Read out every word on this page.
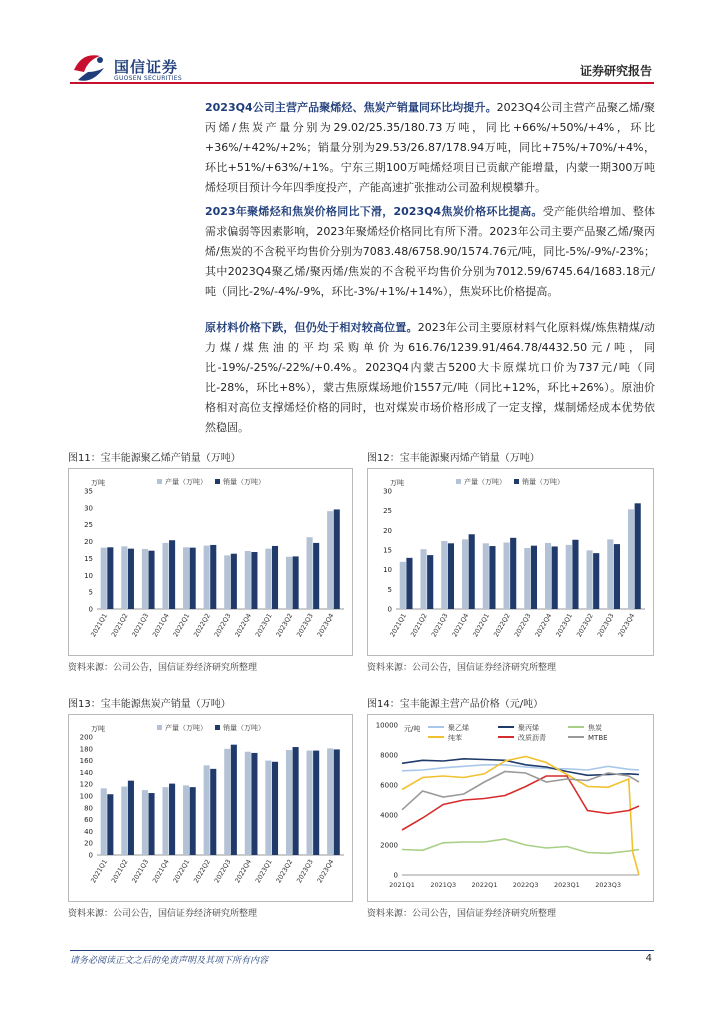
国信证券
GUOSEN SECURITIES
证券研究报告
2023Q4公司主营产品聚烯烃、焦炭产销量同环比均提升。2023Q4公司主营产品聚乙烯/聚丙烯/焦炭产量分别为29.02/25.35/180.73万吨，同比+66%/+50%/+4%，环比+36%/+42%/+2%；销量分别为29.53/26.87/178.94万吨，同比+75%/+70%/+4%，环比+51%/+63%/+1%。宁东三期100万吨烯烃项目已贡献产能增量，内蒙一期300万吨烯烃项目预计今年四季度投产，产能高速扩张推动公司盈利规模攀升。
2023年聚烯烃和焦炭价格同比下滑，2023Q4焦炭价格环比提高。受产能供给增加、整体需求偏弱等因素影响，2023年聚烯烃价格同比有所下滑。2023年公司主要产品聚乙烯/聚丙烯/焦炭的不含税平均售价分别为7083.48/6758.90/1574.76元/吨，同比-5%/-9%/-23%；其中2023Q4聚乙烯/聚丙烯/焦炭的不含税平均售价分别为7012.59/6745.64/1683.18元/吨（同比-2%/-4%/-9%，环比-3%/+1%/+14%），焦炭环比价格提高。
原材料价格下跌，但仍处于相对较高位置。2023年公司主要原材料气化原料煤/炼焦精煤/动力煤/煤焦油的平均采购单价为616.76/1239.91/464.78/4432.50元/吨，同比-19%/-25%/-22%/+0.4%。2023Q4内蒙古5200大卡原煤坑口价为737元/吨（同比-28%，环比+8%），蒙古焦原煤场地价1557元/吨（同比+12%，环比+26%）。原油价格相对高位支撑烯烃价格的同时，也对煤炭市场价格形成了一定支撑，煤制烯烃成本优势依然稳固。
图11：宝丰能源聚乙烯产销量（万吨）
万吨
0
5
10
15
20
25
30
35
产量（万吨） 销量（万吨）
2021Q1 2021Q2 2021Q3 2021Q4 2022Q1 2022Q2 2022Q3 2022Q4 2023Q1 2023Q2 2023Q3 2023Q4
资料来源：公司公告，国信证券经济研究所整理
图12：宝丰能源聚丙烯产销量（万吨）
万吨
0
5
10
15
20
25
30
产量（万吨） 销量（万吨）
2021Q1 2021Q2 2021Q3 2021Q4 2022Q1 2022Q2 2022Q3 2022Q4 2023Q1 2023Q2 2023Q3 2023Q4
资料来源：公司公告，国信证券经济研究所整理
图13：宝丰能源焦炭产销量（万吨）
万吨
0
20
40
60
80
100
120
140
160
180
200
产量（万吨） 销量（万吨）
2021Q1 2021Q2 2021Q3 2021Q4 2022Q1 2022Q2 2022Q3 2022Q4 2023Q1 2023Q2 2023Q3 2023Q4
资料来源：公司公告，国信证券经济研究所整理
图14：宝丰能源主营产品价格（元/吨）
0
2000
4000
6000
8000
10000 元/吨
2021Q1 2021Q3 2022Q1 2022Q3 2023Q1 2023Q3
聚乙烯	聚丙烯	焦炭
纯苯	改质沥青	MTBE
资料来源：公司公告，国信证券经济研究所整理
请务必阅读正文之后的免责声明及其项下所有内容	4
